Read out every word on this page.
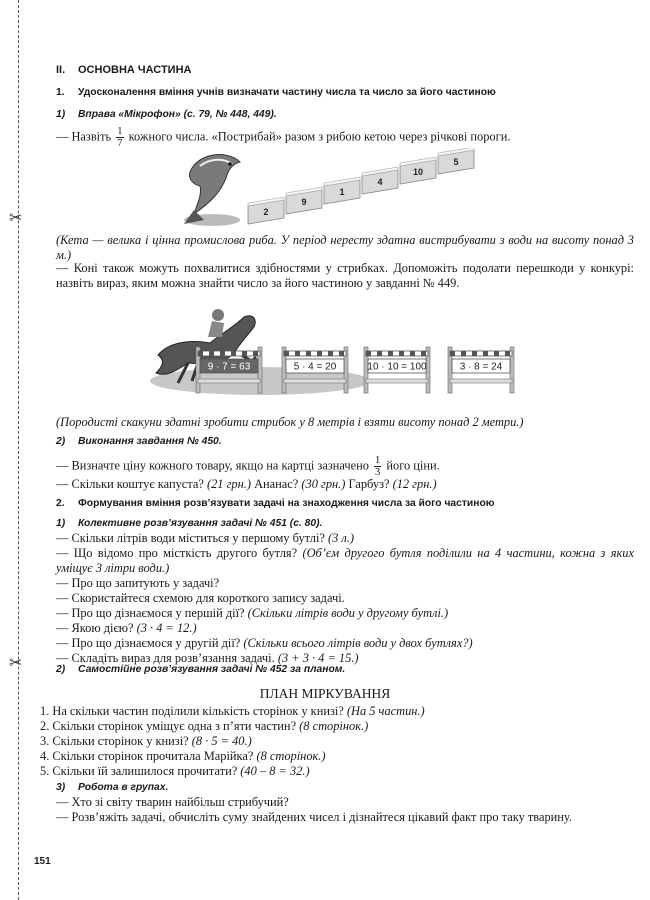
✂
✂
II. ОСНОВНА ЧАСТИНА
1. Удосконалення вміння учнів визначати частину числа та число за його частиною
1) Вправа «Мікрофон» (с. 79, № 448, 449).
— Назвіть $\frac{1}{7}$ кожного числа. «Пострибай» разом з рибою кетою через річкові пороги.
2
9
1
4
10
5
(Кета — велика і цінна промислова риба. У період нересту здатна вистрибувати з води на висоту понад 3 м.)
— Коні також можуть похвалитися здібностями у стрибках. Допоможіть подолати перешкоди у конкурі: назвіть вираз, яким можна знайти число за його частиною у завданні № 449.
9 · 7 = 63	5 · 4 = 20	10 · 10 = 100	3 · 8 = 24
(Породисті скакуни здатні зробити стрибок у 8 метрів і взяти висоту понад 2 метри.)
2) Виконання завдання № 450.
— Визначте ціну кожного товару, якщо на картці зазначено $\frac{1}{3}$ його ціни.
— Скільки коштує капуста? (21 грн.) Ананас? (30 грн.) Гарбуз? (12 грн.)
2. Формування вміння розв’язувати задачі на знаходження числа за його частиною
1) Колективне розв’язування задачі № 451 (с. 80).
— Скільки літрів води міститься у першому бутлі? (3 л.)
— Що відомо про місткість другого бутля? (Об’єм другого бутля поділили на 4 частини, кожна з яких уміщує 3 літри води.)
— Про що запитують у задачі?
— Скористайтеся схемою для короткого запису задачі.
— Про що дізнаємося у першій дії? (Скільки літрів води у другому бутлі.)
— Якою дією? (3 · 4 = 12.)
— Про що дізнаємося у другій дії? (Скільки всього літрів води у двох бутлях?)
— Складіть вираз для розв’язання задачі. (3 + 3 · 4 = 15.)
2) Самостійне розв’язування задачі № 452 за планом.
ПЛАН МІРКУВАННЯ
1. На скільки частин поділили кількість сторінок у книзі? (На 5 частин.)
2. Скільки сторінок уміщує одна з п’яти частин? (8 сторінок.)
3. Скільки сторінок у книзі? (8 · 5 = 40.)
4. Скільки сторінок прочитала Марійка? (8 сторінок.)
5. Скільки їй залишилося прочитати? (40 – 8 = 32.)
3) Робота в групах.
— Хто зі світу тварин найбільш стрибучий?
— Розв’яжіть задачі, обчисліть суму знайдених чисел і дізнайтеся цікавий факт про таку тварину.
151
